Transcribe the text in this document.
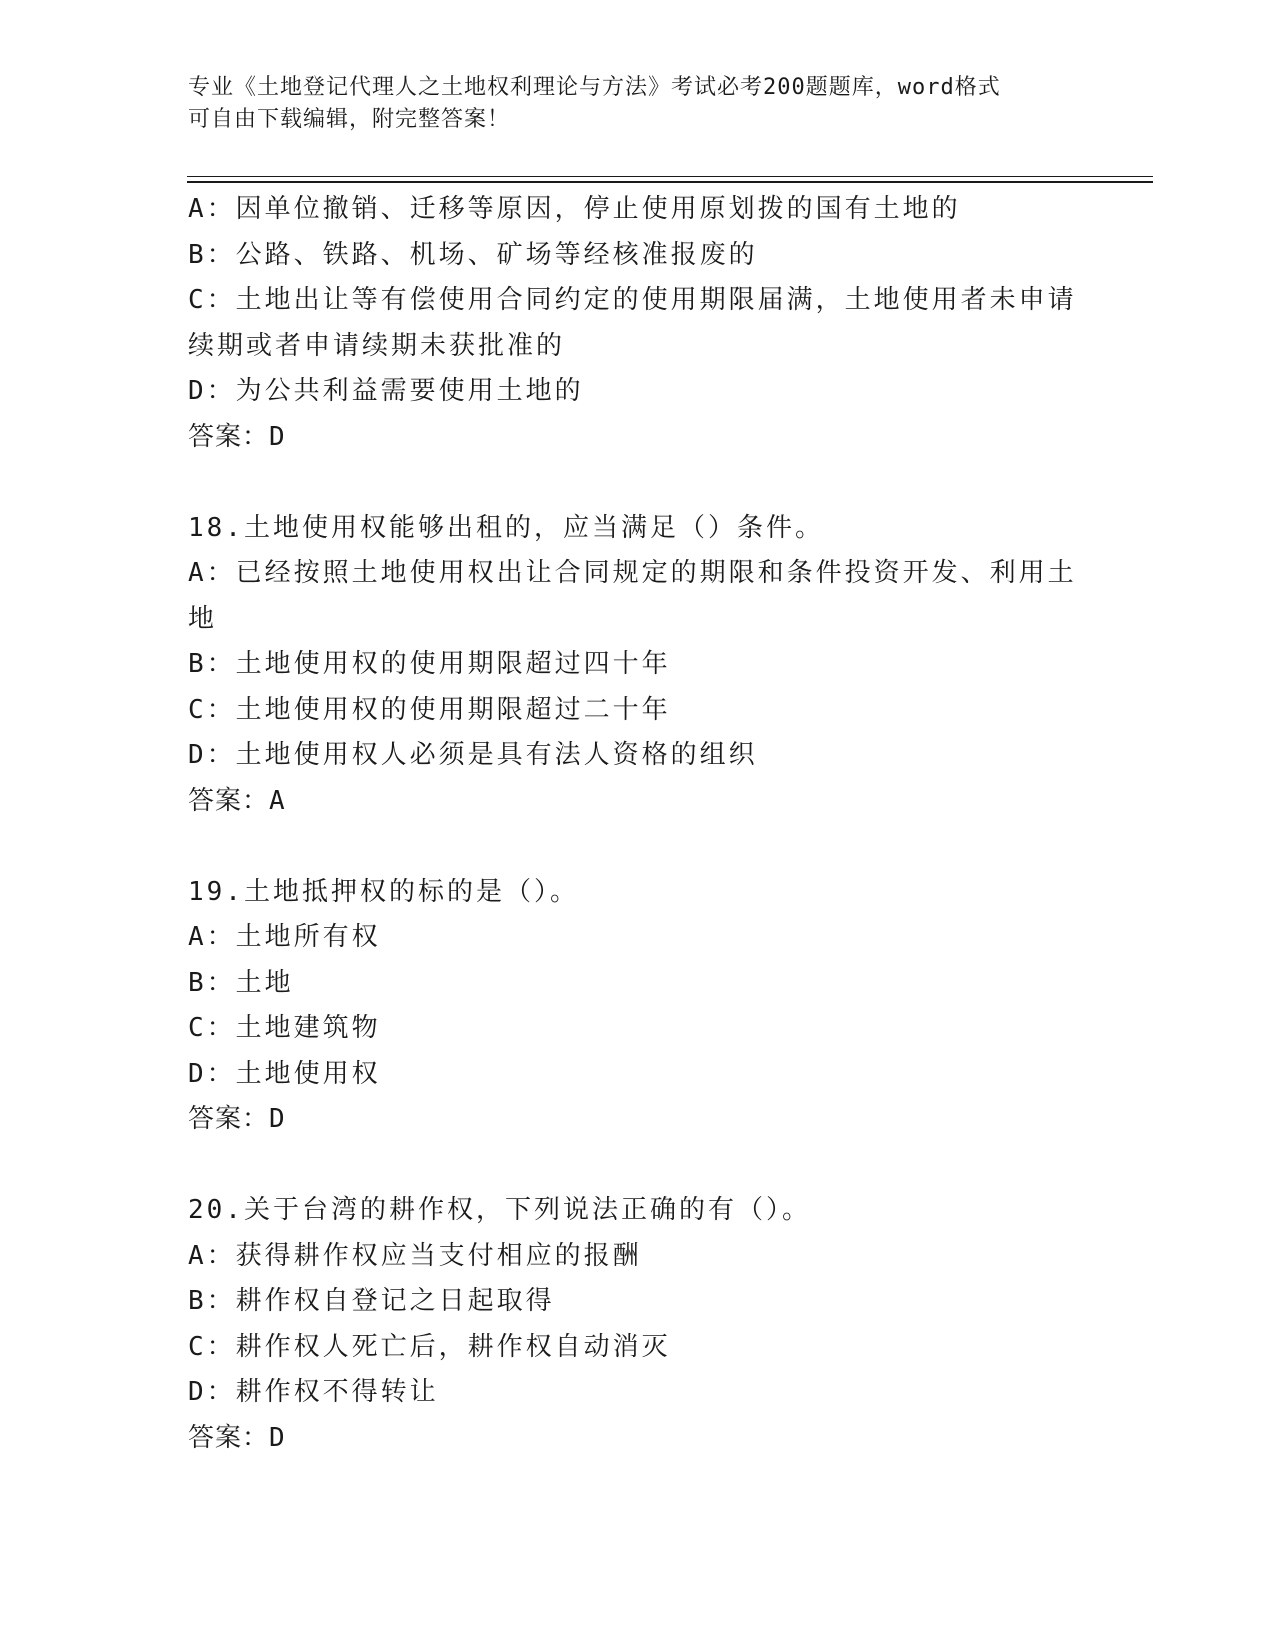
专业《土地登记代理人之土地权利理论与方法》考试必考200题题库，word格式
可自由下载编辑，附完整答案！
A：因单位撤销、迁移等原因，停止使用原划拨的国有土地的
B：公路、铁路、机场、矿场等经核准报废的
C：土地出让等有偿使用合同约定的使用期限届满，土地使用者未申请
续期或者申请续期未获批准的
D：为公共利益需要使用土地的
答案：D
18.土地使用权能够出租的，应当满足（）条件。
A：已经按照土地使用权出让合同规定的期限和条件投资开发、利用土
地
B：土地使用权的使用期限超过四十年
C：土地使用权的使用期限超过二十年
D：土地使用权人必须是具有法人资格的组织
答案：A
19.土地抵押权的标的是（）。
A：土地所有权
B：土地
C：土地建筑物
D：土地使用权
答案：D
20.关于台湾的耕作权，下列说法正确的有（）。
A：获得耕作权应当支付相应的报酬
B：耕作权自登记之日起取得
C：耕作权人死亡后，耕作权自动消灭
D：耕作权不得转让
答案：D
